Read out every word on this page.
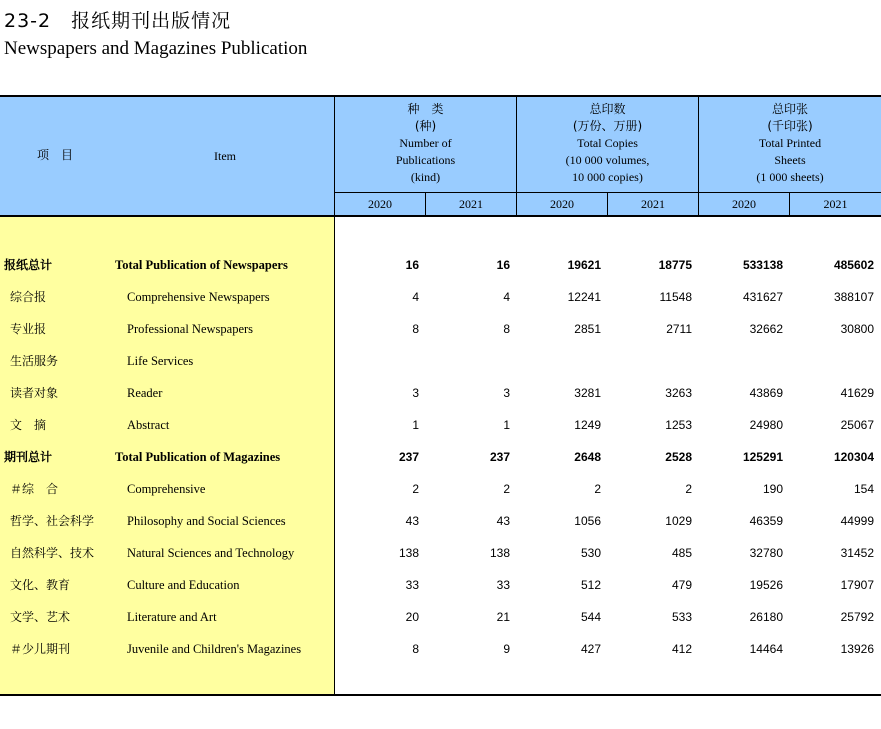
23-2　报纸期刊出版情况
Newspapers and Magazines Publication
项　目	Item
种　类
(种)
Number of
Publications
(kind)
总印数
(万份、万册)
Total Copies
(10 000 volumes,
10 000 copies)
总印张
(千印张)
Total Printed
Sheets
(1 000 sheets)
2020	2021	2020	2021	2020	2021
报纸总计	Total Publication of Newspapers	16	16	19621	18775	533138	485602
综合报	Comprehensive Newspapers	4	4	12241	11548	431627	388107
专业报	Professional Newspapers	8	8	2851	2711	32662	30800
生活服务	Life Services
读者对象	Reader	3	3	3281	3263	43869	41629
文　摘	Abstract	1	1	1249	1253	24980	25067
期刊总计	Total Publication of Magazines	237	237	2648	2528	125291	120304
＃综　合	Comprehensive	2	2	2	2	190	154
哲学、社会科学	Philosophy and Social Sciences	43	43	1056	1029	46359	44999
自然科学、技术	Natural Sciences and Technology	138	138	530	485	32780	31452
文化、教育	Culture and Education	33	33	512	479	19526	17907
文学、艺术	Literature and Art	20	21	544	533	26180	25792
＃少儿期刊	Juvenile and Children's Magazines	8	9	427	412	14464	13926
